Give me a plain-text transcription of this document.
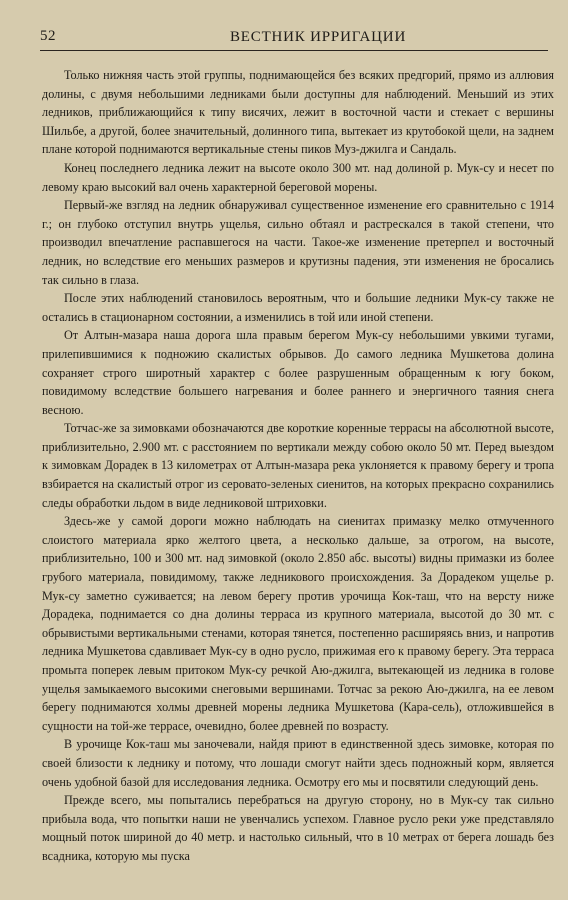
52	ВЕСТНИК ИРРИГАЦИИ

Только нижняя часть этой группы, поднимающейся без всяких предгорий, прямо из аллювия долины, с двумя небольшими ледниками были доступны для наблюдений. Меньший из этих ледников, приближающийся к типу висячих, лежит в восточной части и стекает с вершины Шильбе, а другой, более значительный, долинного типа, вытекает из крутобокой щели, на заднем плане которой поднимаются вертикальные стены пиков Муз-джилга и Сандаль.

Конец последнего ледника лежит на высоте около 300 мт. над долиной р. Мук-су и несет по левому краю высокий вал очень характерной береговой морены.

Первый-же взгляд на ледник обнаруживал существенное изменение его сравнительно с 1914 г.; он глубоко отступил внутрь ущелья, сильно обтаял и растрескался в такой степени, что производил впечатление распавшегося на части. Такое-же изменение претерпел и восточный ледник, но вследствие его меньших размеров и крутизны падения, эти изменения не бросались так сильно в глаза.

После этих наблюдений становилось вероятным, что и большие ледники Мук-су также не остались в стационарном состоянии, а изменились в той или иной степени.

От Алтын-мазара наша дорога шла правым берегом Мук-су небольшими увкими тугами, прилепившимися к подножию скалистых обрывов. До самого ледника Мушкетова долина сохраняет строго широтный характер с более разрушенным обращенным к югу боком, повидимому вследствие большего нагревания и более раннего и энергичного таяния снега весною.

Тотчас-же за зимовками обозначаются две короткие коренные террасы на абсолютной высоте, приблизительно, 2.900 мт. с расстоянием по вертикали между собою около 50 мт. Перед выездом к зимовкам Дорадек в 13 километрах от Алтын-мазара река уклоняется к правому берегу и тропа взбирается на скалистый отрог из серовато-зеленых сиенитов, на которых прекрасно сохранились следы обработки льдом в виде ледниковой штриховки.

Здесь-же у самой дороги можно наблюдать на сиенитах примазку мелко отмученного слоистого материала ярко желтого цвета, а несколько дальше, за отрогом, на высоте, приблизительно, 100 и 300 мт. над зимовкой (около 2.850 абс. высоты) видны примазки из более грубого материала, повидимому, также ледникового происхождения. За Дорадеком ущелье р. Мук-су заметно суживается; на левом берегу против урочища Кок-таш, что на версту ниже Дорадека, поднимается со дна долины терраса из крупного материала, высотой до 30 мт. с обрывистыми вертикальными стенами, которая тянется, постепенно расширяясь вниз, и напротив ледника Мушкетова сдавливает Мук-су в одно русло, прижимая его к правому берегу. Эта терраса промыта поперек левым притоком Мук-су речкой Аю-джилга, вытекающей из ледника в голове ущелья замыкаемого высокими снеговыми вершинами. Тотчас за рекою Аю-джилга, на ее левом берегу поднимаются холмы древней морены ледника Мушкетова (Кара-сель), отложившейся в сущности на той-же террасе, очевидно, более древней по возрасту.

В урочище Кок-таш мы заночевали, найдя приют в единственной здесь зимовке, которая по своей близости к леднику и потому, что лошади смогут найти здесь подножный корм, является очень удобной базой для исследования ледника. Осмотру его мы и посвятили следующий день.

Прежде всего, мы попытались перебраться на другую сторону, но в Мук-су так сильно прибыла вода, что попытки наши не увенчались успехом. Главное русло реки уже представляло мощный поток шириной до 40 метр. и настолько сильный, что в 10 метрах от берега лошадь без всадника, которую мы пуска
